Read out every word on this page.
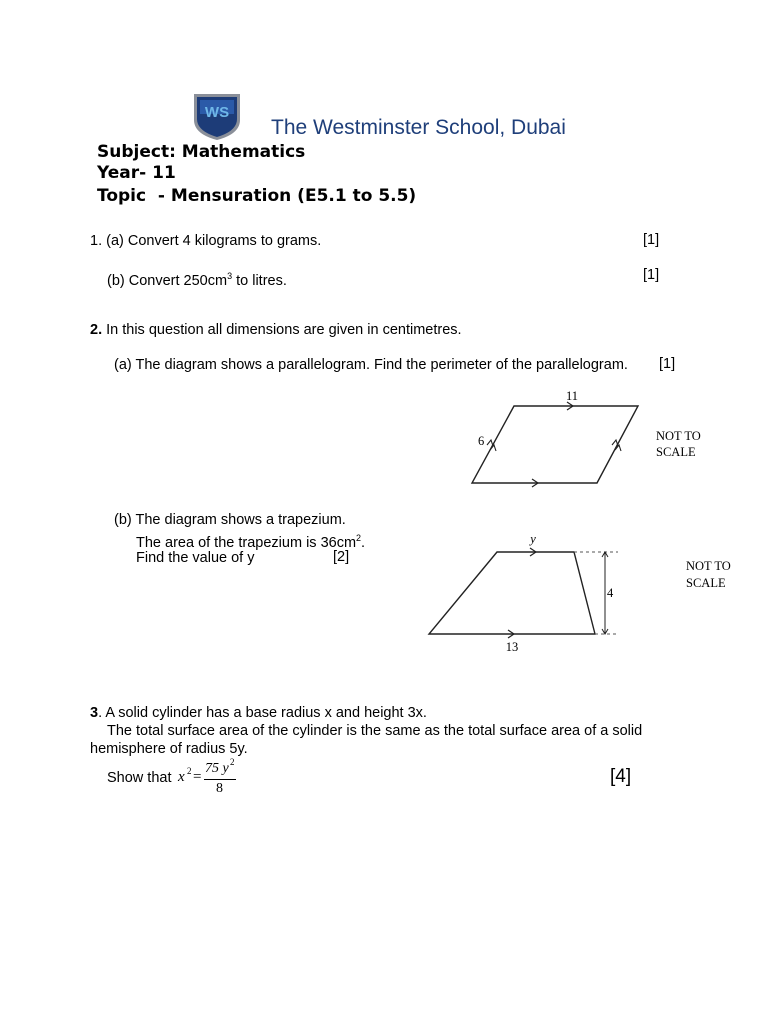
WS
The Westminster School, Dubai
Subject: Mathematics
Year- 11
Topic  - Mensuration (E5.1 to 5.5)
1. (a) Convert 4 kilograms to grams.	[1]
(b) Convert $250cm^3$ to litres.	[1]
2. In this question all dimensions are given in centimetres.
(a) The diagram shows a parallelogram. Find the perimeter of the parallelogram. [1]
11
6	NOT TO
SCALE
(b) The diagram shows a trapezium.
The area of the trapezium is $36cm^2$.
Find the value of y	[2]
y
4
13
NOT TO
SCALE
3. A solid cylinder has a base radius x and height 3x.
The total surface area of the cylinder is the same as the total surface area of a solid
hemisphere of radius 5y.
Show that x 2 =
75 y 2
8
[4]
